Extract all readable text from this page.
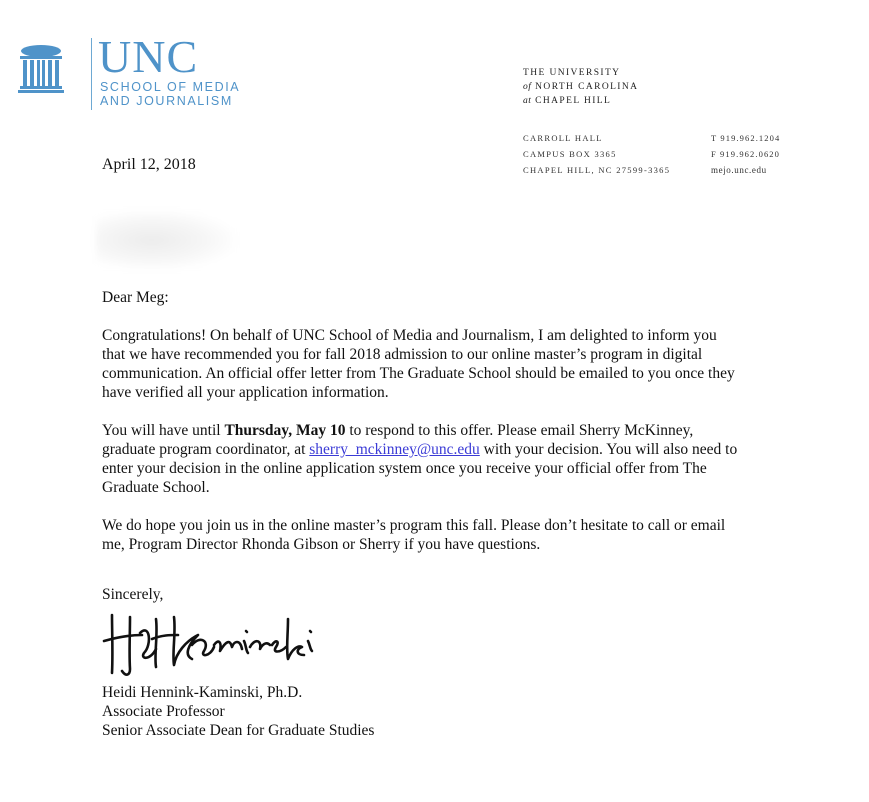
UNC
SCHOOL OF MEDIA
AND JOURNALISM
THE UNIVERSITY
of NORTH CAROLINA
at CHAPEL HILL
CARROLL HALL
CAMPUS BOX 3365
CHAPEL HILL, NC 27599-3365
T 919.962.1204
F 919.962.0620
mejo.unc.edu
April 12, 2018

Dear Meg:

Congratulations! On behalf of UNC School of Media and Journalism, I am delighted to inform you that we have recommended you for fall 2018 admission to our online master’s program in digital communication. An official offer letter from The Graduate School should be emailed to you once they have verified all your application information.

You will have until Thursday, May 10 to respond to this offer. Please email Sherry McKinney, graduate program coordinator, at sherry_mckinney@unc.edu with your decision. You will also need to enter your decision in the online application system once you receive your official offer from The Graduate School.

We do hope you join us in the online master’s program this fall. Please don’t hesitate to call or email me, Program Director Rhonda Gibson or Sherry if you have questions.

Sincerely,
Heidi Hennink-Kaminski, Ph.D.
Associate Professor
Senior Associate Dean for Graduate Studies
